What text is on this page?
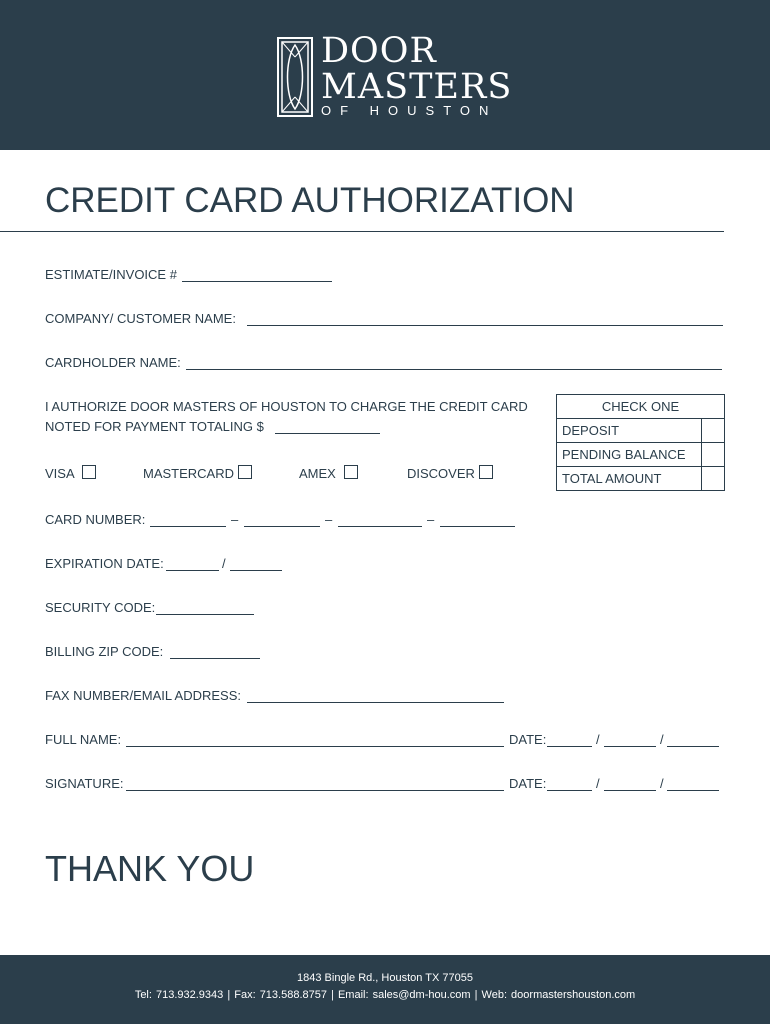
DOOR
MASTERS
OF HOUSTON
CREDIT CARD AUTHORIZATION
ESTIMATE/INVOICE #
COMPANY/ CUSTOMER NAME:
CARDHOLDER NAME:
I AUTHORIZE DOOR MASTERS OF HOUSTON TO CHARGE THE CREDIT CARD
NOTED FOR PAYMENT TOTALING $
VISA	MASTERCARD	AMEX	DISCOVER
CHECK ONE	
DEPOSIT	
PENDING BALANCE	
TOTAL AMOUNT	
CARD NUMBER:	–	–	–
EXPIRATION DATE:	/
SECURITY CODE:
BILLING ZIP CODE:
FAX NUMBER/EMAIL ADDRESS:
FULL NAME:	DATE:	/	/
SIGNATURE:	DATE:	/	/
THANK YOU
1843 Bingle Rd., Houston TX 77055
Tel: 713.932.9343 | Fax: 713.588.8757 | Email: sales@dm-hou.com | Web: doormastershouston.com
